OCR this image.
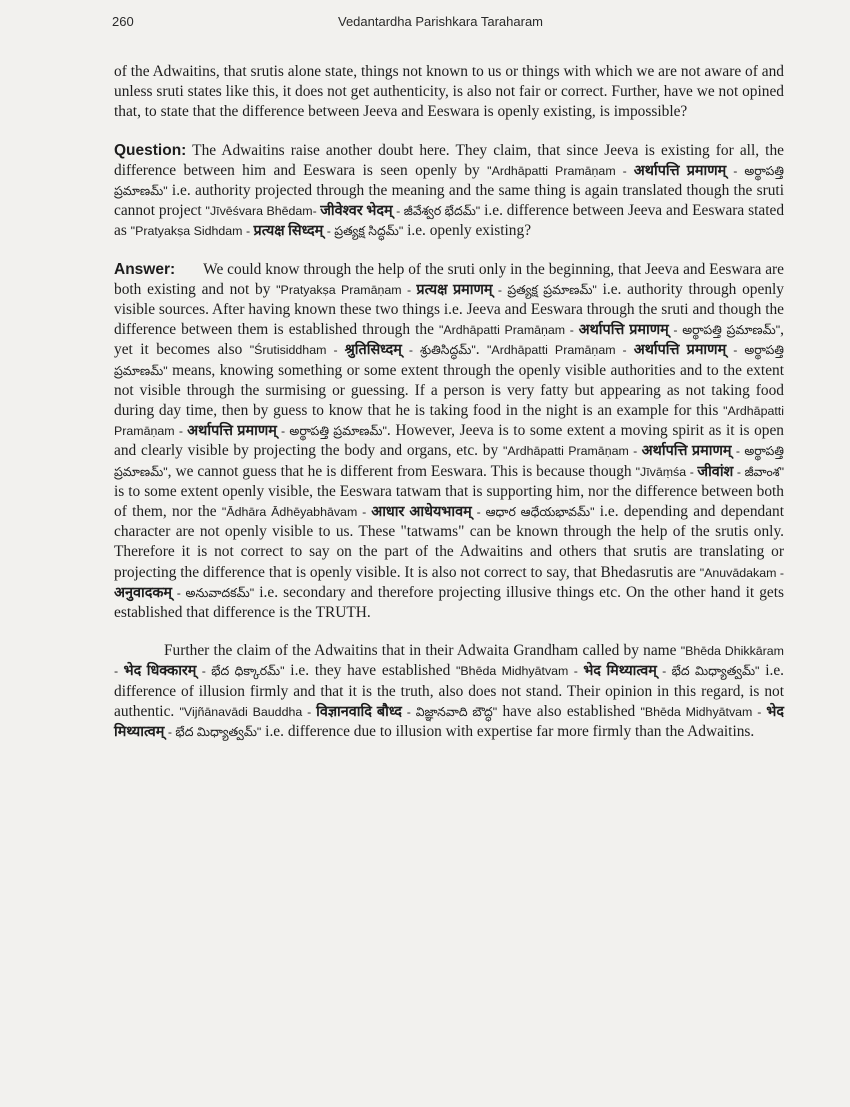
260	Vedantardha Parishkara Taraharam

of the Adwaitins, that srutis alone state, things not known to us or things with which we are not aware of and unless sruti states like this, it does not get authenticity, is also not fair or correct. Further, have we not opined that, to state that the difference between Jeeva and Eeswara is openly existing, is impossible?

Question: The Adwaitins raise another doubt here. They claim, that since Jeeva is existing for all, the difference between him and Eeswara is seen openly by "Ardhāpatti Pramāṇam - अर्थापत्ति प्रमाणम् - అర్థాపత్తి ప్రమాణమ్" i.e. authority projected through the meaning and the same thing is again translated though the sruti cannot project "Jīvēśvara Bhēdam- जीवेश्वर भेदम् - జీవేశ్వర భేదమ్" i.e. difference between Jeeva and Eeswara stated as "Pratyakṣa Sidhdam - प्रत्यक्ष सिध्दम् - ప్రత్యక్ష సిద్ధమ్" i.e. openly existing?

Answer: We could know through the help of the sruti only in the beginning, that Jeeva and Eeswara are both existing and not by "Pratyakṣa Pramāṇam - प्रत्यक्ष प्रमाणम् - ప్రత్యక్ష ప్రమాణమ్" i.e. authority through openly visible sources. After having known these two things i.e. Jeeva and Eeswara through the sruti and though the difference between them is established through the "Ardhāpatti Pramāṇam - अर्थापत्ति प्रमाणम् - అర్థాపత్తి ప్రమాణమ్", yet it becomes also "Śrutisiddham - श्रुतिसिध्दम् - శ్రుతిసిద్ధమ్". "Ardhāpatti Pramāṇam - अर्थापत्ति प्रमाणम् - అర్థాపత్తి ప్రమాణమ్" means, knowing something or some extent through the openly visible authorities and to the extent not visible through the surmising or guessing. If a person is very fatty but appearing as not taking food during day time, then by guess to know that he is taking food in the night is an example for this "Ardhāpatti Pramāṇam - अर्थापत्ति प्रमाणम् - అర్థాపత్తి ప్రమాణమ్". However, Jeeva is to some extent a moving spirit as it is open and clearly visible by projecting the body and organs, etc. by "Ardhāpatti Pramāṇam - अर्थापत्ति प्रमाणम् - అర్థాపత్తి ప్రమాణమ్", we cannot guess that he is different from Eeswara. This is because though "Jīvāṃśa - जीवांश - జీవాంశ" is to some extent openly visible, the Eeswara tatwam that is supporting him, nor the difference between both of them, nor the "Ādhāra Ādhēyabhāvam - आधार आधेयभावम् - ఆధార ఆధేయభావమ్" i.e. depending and dependant character are not openly visible to us. These "tatwams" can be known through the help of the srutis only. Therefore it is not correct to say on the part of the Adwaitins and others that srutis are translating or projecting the difference that is openly visible. It is also not correct to say, that Bhedasrutis are "Anuvādakam - अनुवादकम् - అనువాదకమ్" i.e. secondary and therefore projecting illusive things etc. On the other hand it gets established that difference is the TRUTH.

Further the claim of the Adwaitins that in their Adwaita Grandham called by name "Bhēda Dhikkāram - भेद धिक्कारम् - భేద ధిక్కారమ్" i.e. they have established "Bhēda Midhyātvam - भेद मिथ्यात्वम् - భేద మిధ్యాత్వమ్" i.e. difference of illusion firmly and that it is the truth, also does not stand. Their opinion in this regard, is not authentic. "Vijñānavādi Bauddha - विज्ञानवादि बौध्द - విజ్ఞానవాది బౌద్ధ" have also established "Bhēda Midhyātvam - भेद मिथ्यात्वम् - భేద మిధ్యాత్వమ్" i.e. difference due to illusion with expertise far more firmly than the Adwaitins.
